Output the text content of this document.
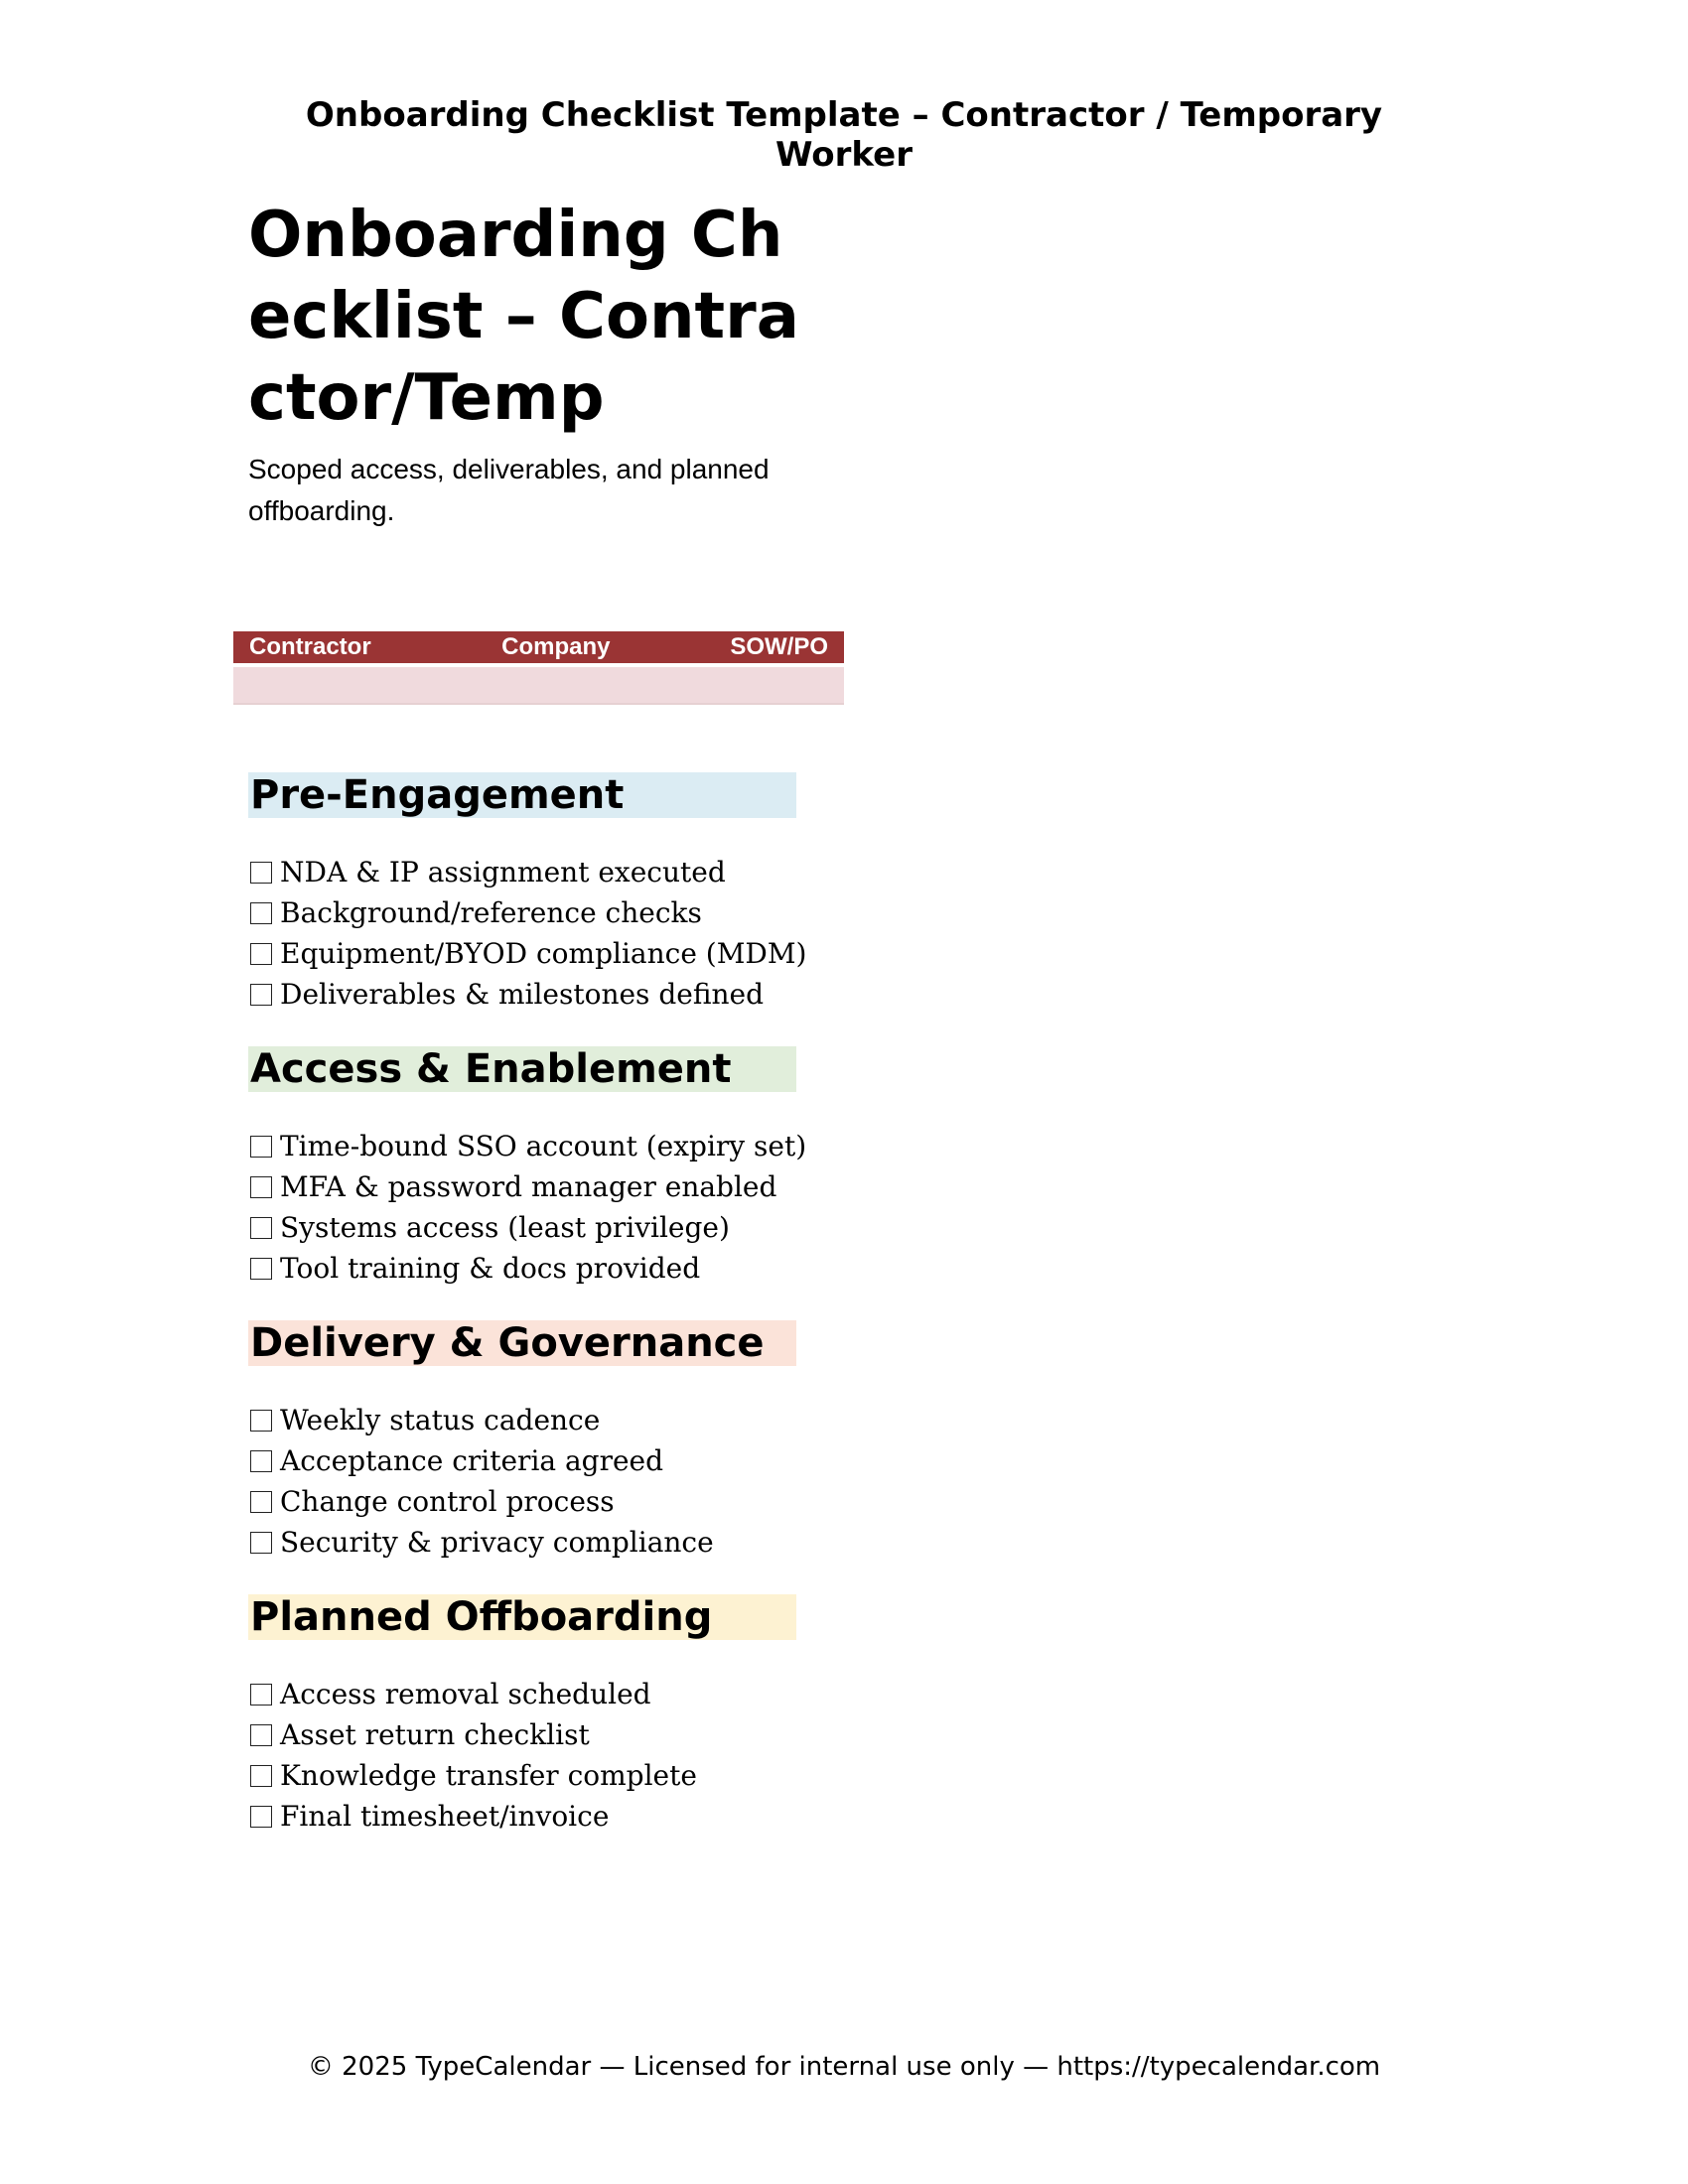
Onboarding Checklist Template – Contractor / Temporary Worker
Onboarding Checklist – Contractor/Temp

Scoped access, deliverables, and planned offboarding.

Contractor	Company	SOW/PO

Pre-Engagement
NDA & IP assignment executed
Background/reference checks
Equipment/BYOD compliance (MDM)
Deliverables & milestones defined
Access & Enablement
Time-bound SSO account (expiry set)
MFA & password manager enabled
Systems access (least privilege)
Tool training & docs provided
Delivery & Governance
Weekly status cadence
Acceptance criteria agreed
Change control process
Security & privacy compliance
Planned Offboarding
Access removal scheduled
Asset return checklist
Knowledge transfer complete
Final timesheet/invoice
© 2025 TypeCalendar — Licensed for internal use only — https://typecalendar.com
